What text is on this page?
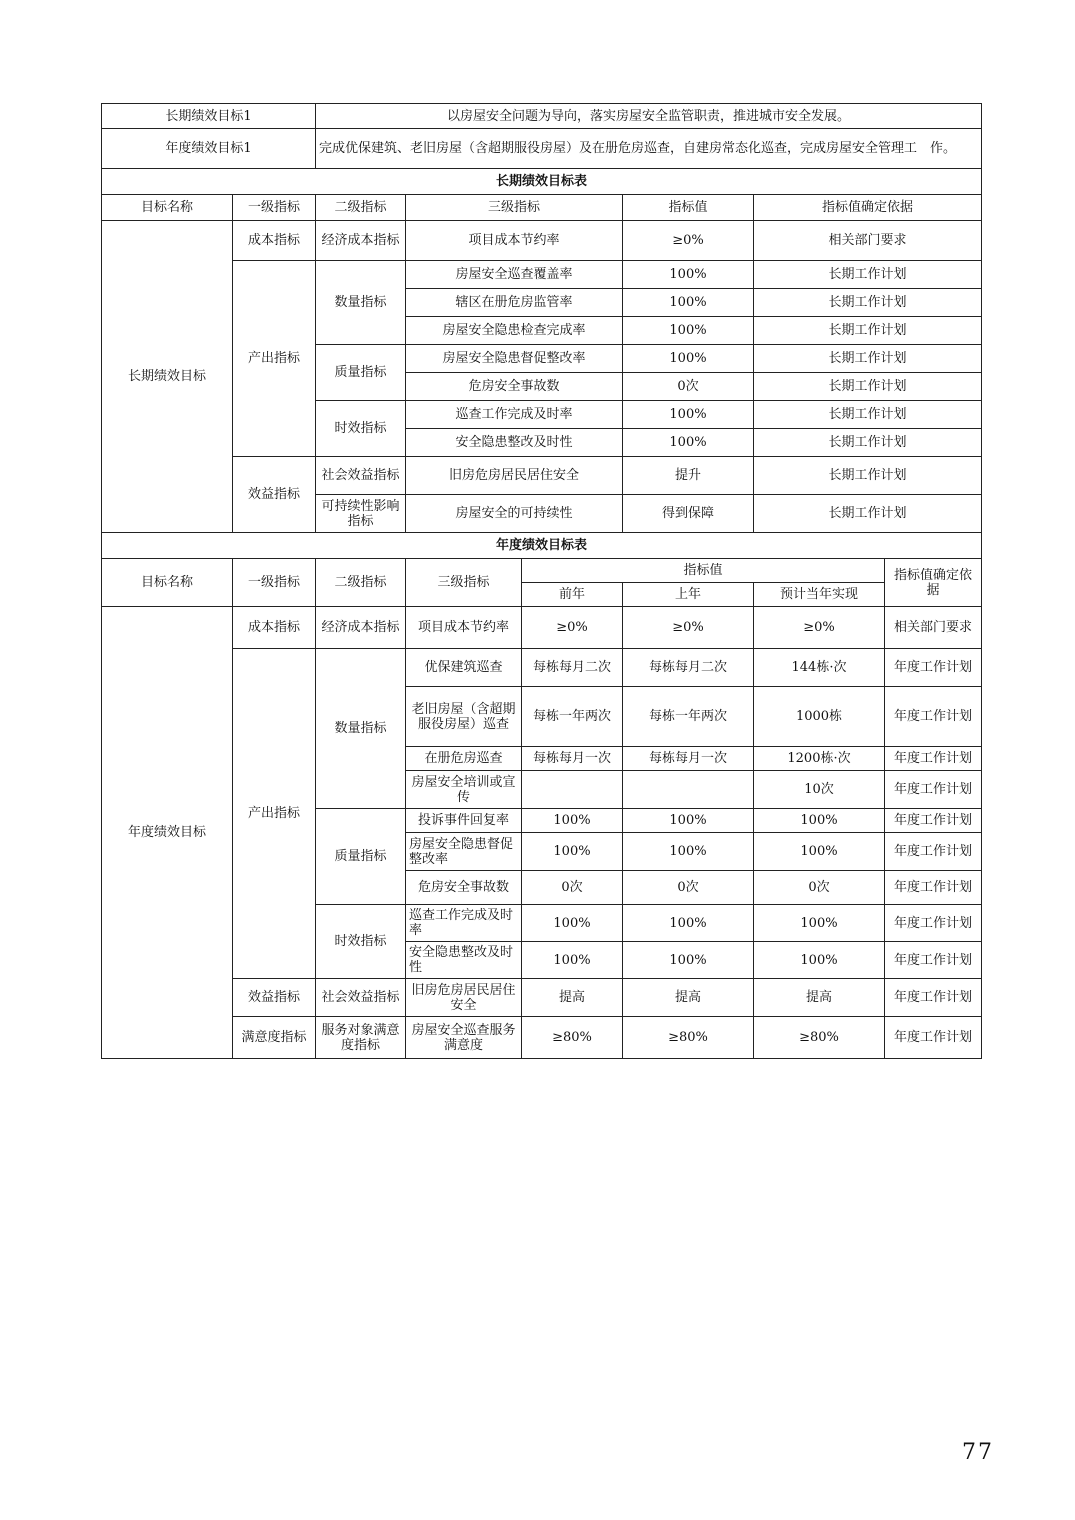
长期绩效目标1		以房屋安全问题为导向，落实房屋安全监管职责，推进城市安全发展。					
年度绩效目标1		完成优保建筑、老旧房屋（含超期服役房屋）及在册危房巡查，自建房常态化巡查，完成房屋安全管理工　作。					
长期绩效目标表							
目标名称	一级指标	二级指标	三级指标		指标值	指标值确定依据	
长期绩效目标	成本指标	经济成本指标	项目成本节约率		≥0%	相关部门要求	
	产出指标	数量指标	房屋安全巡查覆盖率		100%	长期工作计划	
			辖区在册危房监管率		100%	长期工作计划	
			房屋安全隐患检查完成率		100%	长期工作计划	
		质量指标	房屋安全隐患督促整改率		100%	长期工作计划	
			危房安全事故数		0次	长期工作计划	
		时效指标	巡查工作完成及时率		100%	长期工作计划	
			安全隐患整改及时性		100%	长期工作计划	
	效益指标	社会效益指标	旧房危房居民居住安全		提升	长期工作计划	
		可持续性影响指标	房屋安全的可持续性		得到保障	长期工作计划	
年度绩效目标表							
目标名称	一级指标	二级指标	三级指标	指标值			指标值确定依据
				前年	上年	预计当年实现	
年度绩效目标	成本指标	经济成本指标	项目成本节约率	≥0%	≥0%	≥0%	相关部门要求
	产出指标	数量指标	优保建筑巡查	每栋每月二次	每栋每月二次	144栋·次	年度工作计划
			老旧房屋（含超期服役房屋）巡查	每栋一年两次	每栋一年两次	1000栋	年度工作计划
			在册危房巡查	每栋每月一次	每栋每月一次	1200栋·次	年度工作计划
			房屋安全培训或宣传			10次	年度工作计划
		质量指标	投诉事件回复率	100%	100%	100%	年度工作计划
			房屋安全隐患督促整改率	100%	100%	100%	年度工作计划
			危房安全事故数	0次	0次	0次	年度工作计划
		时效指标	巡查工作完成及时率	100%	100%	100%	年度工作计划
			安全隐患整改及时性	100%	100%	100%	年度工作计划
	效益指标	社会效益指标	旧房危房居民居住安全	提高	提高	提高	年度工作计划
	满意度指标	服务对象满意度指标	房屋安全巡查服务满意度	≥80%	≥80%	≥80%	年度工作计划
77
